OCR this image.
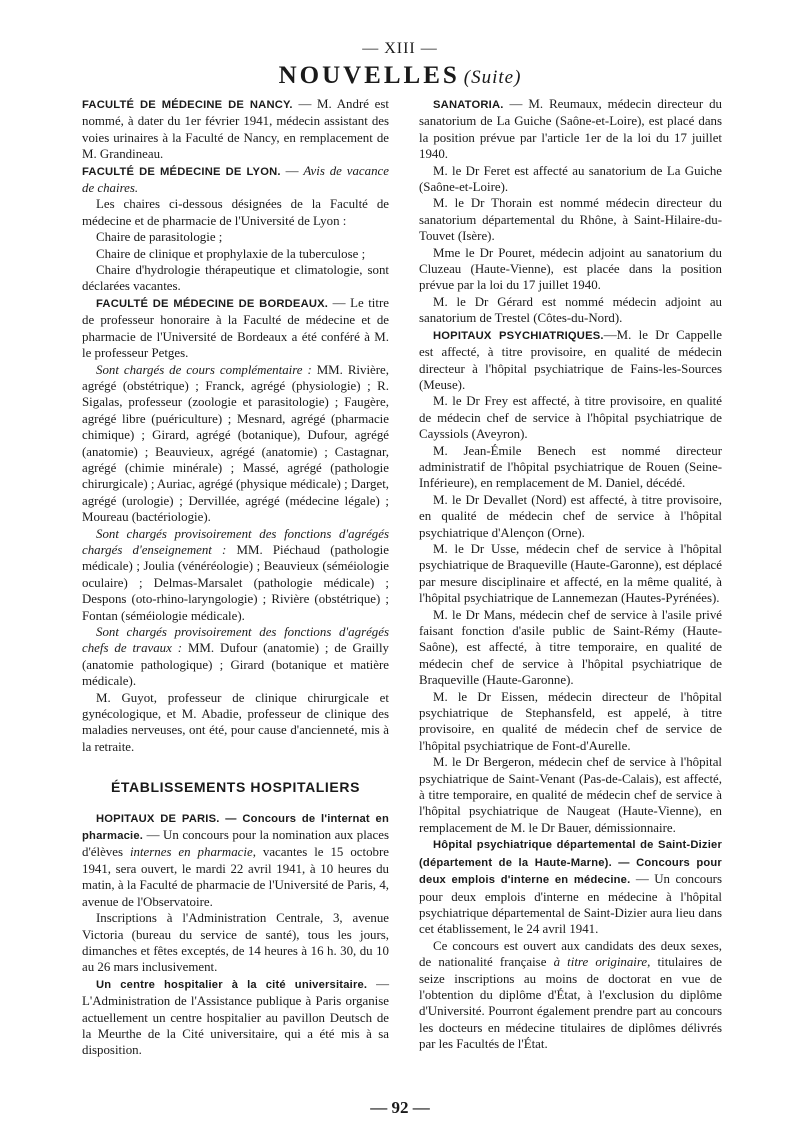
— XIII —
NOUVELLES (Suite)

FACULTÉ DE MÉDECINE DE NANCY. — M. André est nommé, à dater du 1er février 1941, médecin assistant des voies urinaires à la Faculté de Nancy, en remplacement de M. Grandineau.

FACULTÉ DE MÉDECINE DE LYON. — Avis de vacance de chaires.

Les chaires ci-dessous désignées de la Faculté de médecine et de pharmacie de l'Université de Lyon :

Chaire de parasitologie ;

Chaire de clinique et prophylaxie de la tuberculose ;

Chaire d'hydrologie thérapeutique et climatologie, sont déclarées vacantes.

FACULTÉ DE MÉDECINE DE BORDEAUX. — Le titre de professeur honoraire à la Faculté de médecine et de pharmacie de l'Université de Bordeaux a été conféré à M. le professeur Petges.

Sont chargés de cours complémentaire : MM. Rivière, agrégé (obstétrique) ; Franck, agrégé (physiologie) ; R. Sigalas, professeur (zoologie et parasitologie) ; Faugère, agrégé libre (puériculture) ; Mesnard, agrégé (pharmacie chimique) ; Girard, agrégé (botanique), Dufour, agrégé (anatomie) ; Beauvieux, agrégé (anatomie) ; Castagnar, agrégé (chimie minérale) ; Massé, agrégé (pathologie chirurgicale) ; Auriac, agrégé (physique médicale) ; Darget, agrégé (urologie) ; Dervillée, agrégé (médecine légale) ; Moureau (bactériologie).

Sont chargés provisoirement des fonctions d'agrégés chargés d'enseignement : MM. Piéchaud (pathologie médicale) ; Joulia (vénéréologie) ; Beauvieux (séméiologie oculaire) ; Delmas-Marsalet (pathologie médicale) ; Despons (oto-rhino-laryngologie) ; Rivière (obstétrique) ; Fontan (séméiologie médicale).

Sont chargés provisoirement des fonctions d'agrégés chefs de travaux : MM. Dufour (anatomie) ; de Grailly (anatomie pathologique) ; Girard (botanique et matière médicale).

M. Guyot, professeur de clinique chirurgicale et gynécologique, et M. Abadie, professeur de clinique des maladies nerveuses, ont été, pour cause d'ancienneté, mis à la retraite.

ÉTABLISSEMENTS HOSPITALIERS

HOPITAUX DE PARIS. — Concours de l'internat en pharmacie. — Un concours pour la nomination aux places d'élèves internes en pharmacie, vacantes le 15 octobre 1941, sera ouvert, le mardi 22 avril 1941, à 10 heures du matin, à la Faculté de pharmacie de l'Université de Paris, 4, avenue de l'Observatoire.

Inscriptions à l'Administration Centrale, 3, avenue Victoria (bureau du service de santé), tous les jours, dimanches et fêtes exceptés, de 14 heures à 16 h. 30, du 10 au 26 mars inclusivement.

Un centre hospitalier à la cité universitaire. — L'Administration de l'Assistance publique à Paris organise actuellement un centre hospitalier au pavillon Deutsch de la Meurthe de la Cité universitaire, qui a été mis à sa disposition.

SANATORIA. — M. Reumaux, médecin directeur du sanatorium de La Guiche (Saône-et-Loire), est placé dans la position prévue par l'article 1er de la loi du 17 juillet 1940.

M. le Dr Feret est affecté au sanatorium de La Guiche (Saône-et-Loire).

M. le Dr Thorain est nommé médecin directeur du sanatorium départemental du Rhône, à Saint-Hilaire-du-Touvet (Isère).

Mme le Dr Pouret, médecin adjoint au sanatorium du Cluzeau (Haute-Vienne), est placée dans la position prévue par la loi du 17 juillet 1940.

M. le Dr Gérard est nommé médecin adjoint au sanatorium de Trestel (Côtes-du-Nord).

HOPITAUX PSYCHIATRIQUES.—M. le Dr Cappelle est affecté, à titre provisoire, en qualité de médecin directeur à l'hôpital psychiatrique de Fains-les-Sources (Meuse).

M. le Dr Frey est affecté, à titre provisoire, en qualité de médecin chef de service à l'hôpital psychiatrique de Cayssiols (Aveyron).

M. Jean-Émile Benech est nommé directeur administratif de l'hôpital psychiatrique de Rouen (Seine-Inférieure), en remplacement de M. Daniel, décédé.

M. le Dr Devallet (Nord) est affecté, à titre provisoire, en qualité de médecin chef de service à l'hôpital psychiatrique d'Alençon (Orne).

M. le Dr Usse, médecin chef de service à l'hôpital psychiatrique de Braqueville (Haute-Garonne), est déplacé par mesure disciplinaire et affecté, en la même qualité, à l'hôpital psychiatrique de Lannemezan (Hautes-Pyrénées).

M. le Dr Mans, médecin chef de service à l'asile privé faisant fonction d'asile public de Saint-Rémy (Haute-Saône), est affecté, à titre temporaire, en qualité de médecin chef de service à l'hôpital psychiatrique de Braqueville (Haute-Garonne).

M. le Dr Eissen, médecin directeur de l'hôpital psychiatrique de Stephansfeld, est appelé, à titre provisoire, en qualité de médecin chef de service de l'hôpital psychiatrique de Font-d'Aurelle.

M. le Dr Bergeron, médecin chef de service à l'hôpital psychiatrique de Saint-Venant (Pas-de-Calais), est affecté, à titre temporaire, en qualité de médecin chef de service à l'hôpital psychiatrique de Naugeat (Haute-Vienne), en remplacement de M. le Dr Bauer, démissionnaire.

Hôpital psychiatrique départemental de Saint-Dizier (département de la Haute-Marne). — Concours pour deux emplois d'interne en médecine. — Un concours pour deux emplois d'interne en médecine à l'hôpital psychiatrique départemental de Saint-Dizier aura lieu dans cet établissement, le 24 avril 1941.

Ce concours est ouvert aux candidats des deux sexes, de nationalité française à titre originaire, titulaires de seize inscriptions au moins de doctorat en vue de l'obtention du diplôme d'État, à l'exclusion du diplôme d'Université. Pourront également prendre part au concours les docteurs en médecine titulaires de diplômes délivrés par les Facultés de l'État.

— 92 —
